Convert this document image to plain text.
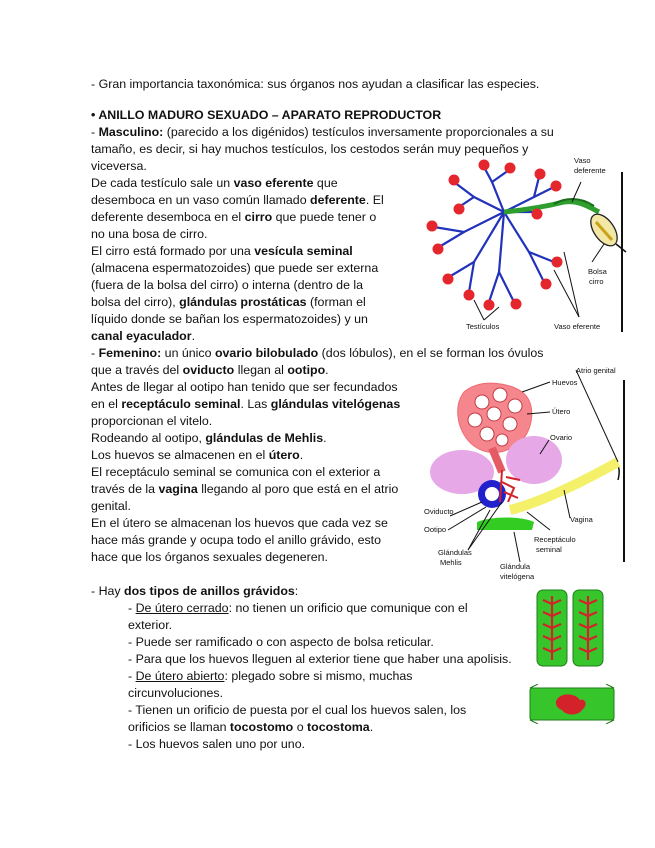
- Gran importancia taxonómica: sus órganos nos ayudan a clasificar las especies.
• ANILLO MADURO SEXUADO – APARATO REPRODUCTOR
- Masculino: (parecido a los digénidos) testículos inversamente proporcionales a su
tamaño, es decir, si hay muchos testículos, los cestodos serán muy pequeños y
viceversa.
De cada testículo sale un vaso eferente que
desemboca en un vaso común llamado deferente. El
deferente desemboca en el cirro que puede tener o
no una bosa de cirro.
El cirro está formado por una vesícula seminal
(almacena espermatozoides) que puede ser externa
(fuera de la bolsa del cirro) o interna (dentro de la
bolsa del cirro), glándulas prostáticas (forman el
líquido donde se bañan los espermatozoides) y un
canal eyaculador.
- Femenino: un único ovario bilobulado (dos lóbulos), en el se forman los óvulos
que a través del oviducto llegan al ootipo.
Antes de llegar al ootipo han tenido que ser fecundados
en el receptáculo seminal. Las glándulas vitelógenas
proporcionan el vitelo.
Rodeando al ootipo, glándulas de Mehlis.
Los huevos se almacenen en el útero.
El receptáculo seminal se comunica con el exterior a
través de la vagina llegando al poro que está en el atrio
genital.
En el útero se almacenan los huevos que cada vez se
hace más grande y ocupa todo el anillo grávido, esto
hace que los órganos sexuales degeneren.
- Hay dos tipos de anillos grávidos:
- De útero cerrado: no tienen un orificio que comunique con el
exterior.
- Puede ser ramificado o con aspecto de bolsa reticular.
- Para que los huevos lleguen al exterior tiene que haber una apolisis.
- De útero abierto: plegado sobre si mismo, muchas
circunvoluciones.
- Tienen un orificio de puesta por el cual los huevos salen, los
orificios se llaman tocostomo o tocostoma.
- Los huevos salen uno por uno.
Vaso
deferente
Bolsa
cirro
Testículos	Vaso eferente
Atrio genital
Huevos
Útero
Ovario
Oviducto
Ootipo
Vagina
Receptáculo
seminal
Glándulas
Mehlis	Glándula
vitelógena
